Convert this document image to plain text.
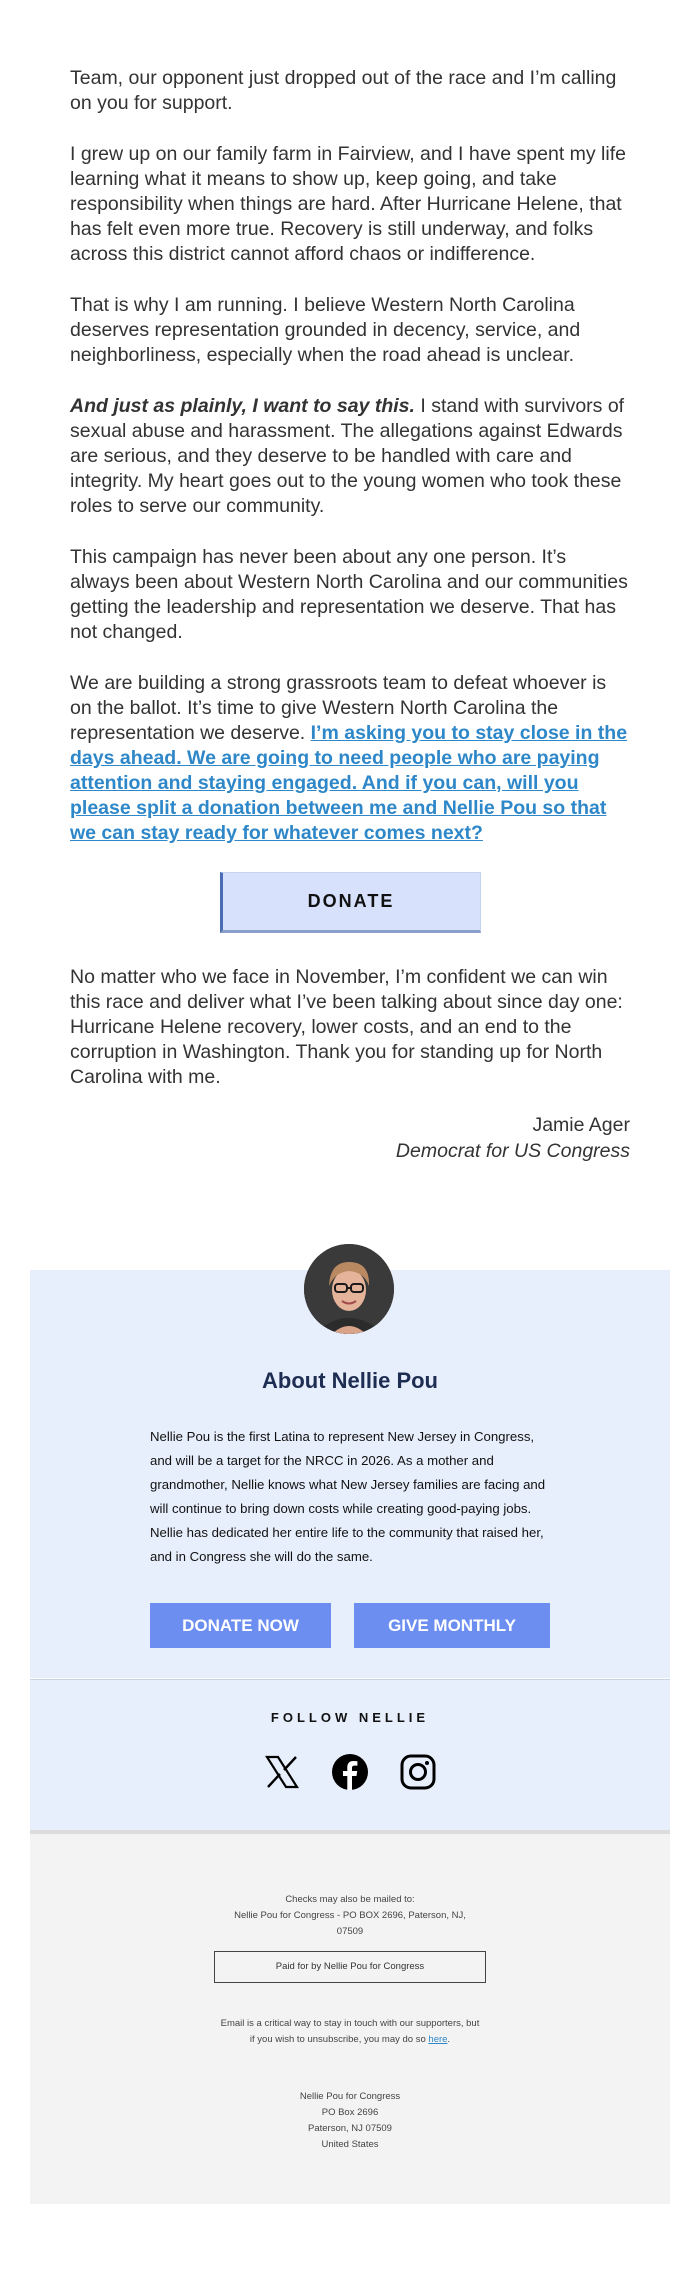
Team, our opponent just dropped out of the race and I’m calling on you for support.

I grew up on our family farm in Fairview, and I have spent my life learning what it means to show up, keep going, and take responsibility when things are hard. After Hurricane Helene, that has felt even more true. Recovery is still underway, and folks across this district cannot afford chaos or indifference.

That is why I am running. I believe Western North Carolina deserves representation grounded in decency, service, and neighborliness, especially when the road ahead is unclear.

And just as plainly, I want to say this. I stand with survivors of sexual abuse and harassment. The allegations against Edwards are serious, and they deserve to be handled with care and integrity. My heart goes out to the young women who took these roles to serve our community.

This campaign has never been about any one person. It’s always been about Western North Carolina and our communities getting the leadership and representation we deserve. That has not changed.

We are building a strong grassroots team to defeat whoever is on the ballot. It’s time to give Western North Carolina the representation we deserve. I’m asking you to stay close in the days ahead. We are going to need people who are paying attention and staying engaged. And if you can, will you please split a donation between me and Nellie Pou so that we can stay ready for whatever comes next?

DONATE

No matter who we face in November, I’m confident we can win this race and deliver what I’ve been talking about since day one: Hurricane Helene recovery, lower costs, and an end to the corruption in Washington. Thank you for standing up for North Carolina with me.

Jamie Ager
Democrat for US Congress
About Nellie Pou

Nellie Pou is the first Latina to represent New Jersey in Congress, and will be a target for the NRCC in 2026. As a mother and grandmother, Nellie knows what New Jersey families are facing and will continue to bring down costs while creating good-paying jobs. Nellie has dedicated her entire life to the community that raised her, and in Congress she will do the same.

DONATE NOW	GIVE MONTHLY
FOLLOW NELLIE
Checks may also be mailed to:
Nellie Pou for Congress - PO BOX 2696, Paterson, NJ, 07509
Paid for by Nellie Pou for Congress
Email is a critical way to stay in touch with our supporters, but if you wish to unsubscribe, you may do so here.
Nellie Pou for Congress
PO Box 2696
Paterson, NJ 07509
United States
